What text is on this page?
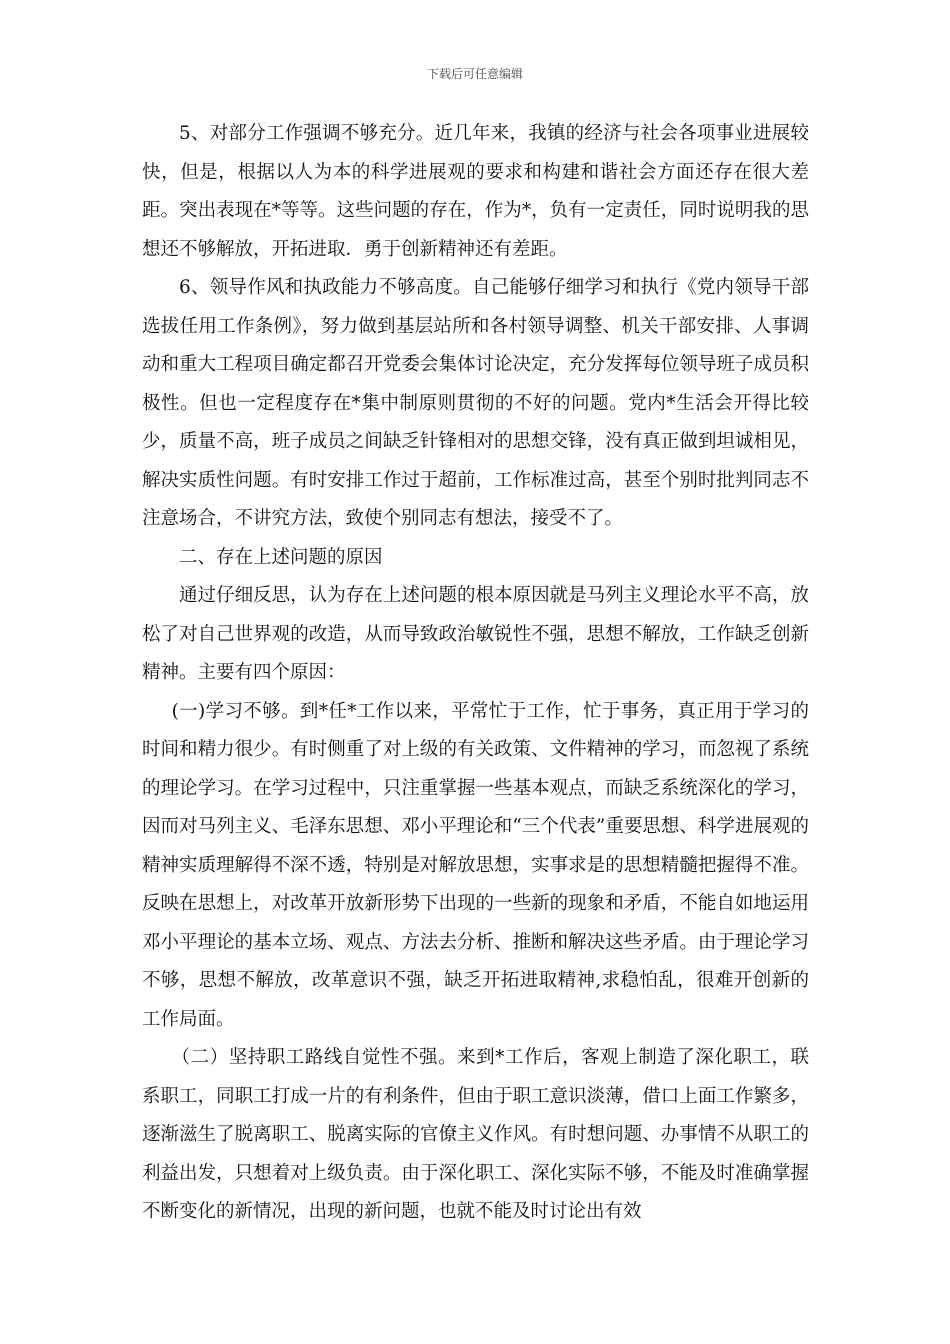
下载后可任意编辑

5、对部分工作强调不够充分。近几年来，我镇的经济与社会各项事业进展较快，但是，根据以人为本的科学进展观的要求和构建和谐社会方面还存在很大差距。突出表现在*等等。这些问题的存在，作为*，负有一定责任，同时说明我的思想还不够解放，开拓进取．勇于创新精神还有差距。

6、领导作风和执政能力不够高度。自己能够仔细学习和执行《党内领导干部选拔任用工作条例》，努力做到基层站所和各村领导调整、机关干部安排、人事调动和重大工程项目确定都召开党委会集体讨论决定，充分发挥每位领导班子成员积极性。但也一定程度存在*集中制原则贯彻的不好的问题。党内*生活会开得比较少，质量不高，班子成员之间缺乏针锋相对的思想交锋，没有真正做到坦诚相见，解决实质性问题。有时安排工作过于超前，工作标准过高，甚至个别时批判同志不注意场合，不讲究方法，致使个别同志有想法，接受不了。

二、存在上述问题的原因

通过仔细反思，认为存在上述问题的根本原因就是马列主义理论水平不高，放松了对自己世界观的改造，从而导致政治敏锐性不强，思想不解放，工作缺乏创新精神。主要有四个原因：

(一)学习不够。到*任*工作以来，平常忙于工作，忙于事务，真正用于学习的时间和精力很少。有时侧重了对上级的有关政策、文件精神的学习，而忽视了系统的理论学习。在学习过程中，只注重掌握一些基本观点，而缺乏系统深化的学习，因而对马列主义、毛泽东思想、邓小平理论和“三个代表”重要思想、科学进展观的精神实质理解得不深不透，特别是对解放思想，实事求是的思想精髓把握得不准。反映在思想上，对改革开放新形势下出现的一些新的现象和矛盾，不能自如地运用邓小平理论的基本立场、观点、方法去分析、推断和解决这些矛盾。由于理论学习不够，思想不解放，改革意识不强，缺乏开拓进取精神,求稳怕乱，很难开创新的工作局面。

（二）坚持职工路线自觉性不强。来到*工作后，客观上制造了深化职工，联系职工，同职工打成一片的有利条件，但由于职工意识淡薄，借口上面工作繁多，逐渐滋生了脱离职工、脱离实际的官僚主义作风。有时想问题、办事情不从职工的利益出发，只想着对上级负责。由于深化职工、深化实际不够，不能及时准确掌握不断变化的新情况，出现的新问题，也就不能及时讨论出有效
